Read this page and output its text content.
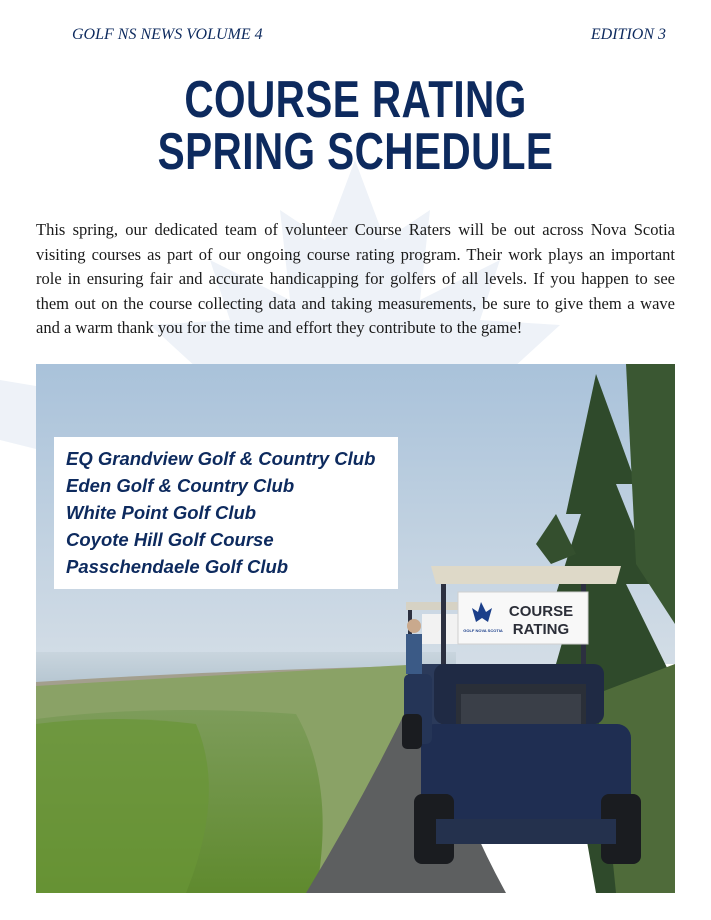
GOLF NS NEWS VOLUME 4	EDITION 3
COURSE RATING
SPRING SCHEDULE

This spring, our dedicated team of volunteer Course Raters will be out across Nova Scotia visiting courses as part of our ongoing course rating program. Their work plays an important role in ensuring fair and accurate handicapping for golfers of all levels. If you happen to see them out on the course collecting data and taking measurements, be sure to give them a wave and a warm thank you for the time and effort they contribute to the game!

GOLF NOVA SCOTIA
COURSE
RATING
EQ Grandview Golf & Country Club
Eden Golf & Country Club
White Point Golf Club
Coyote Hill Golf Course
Passchendaele Golf Club
